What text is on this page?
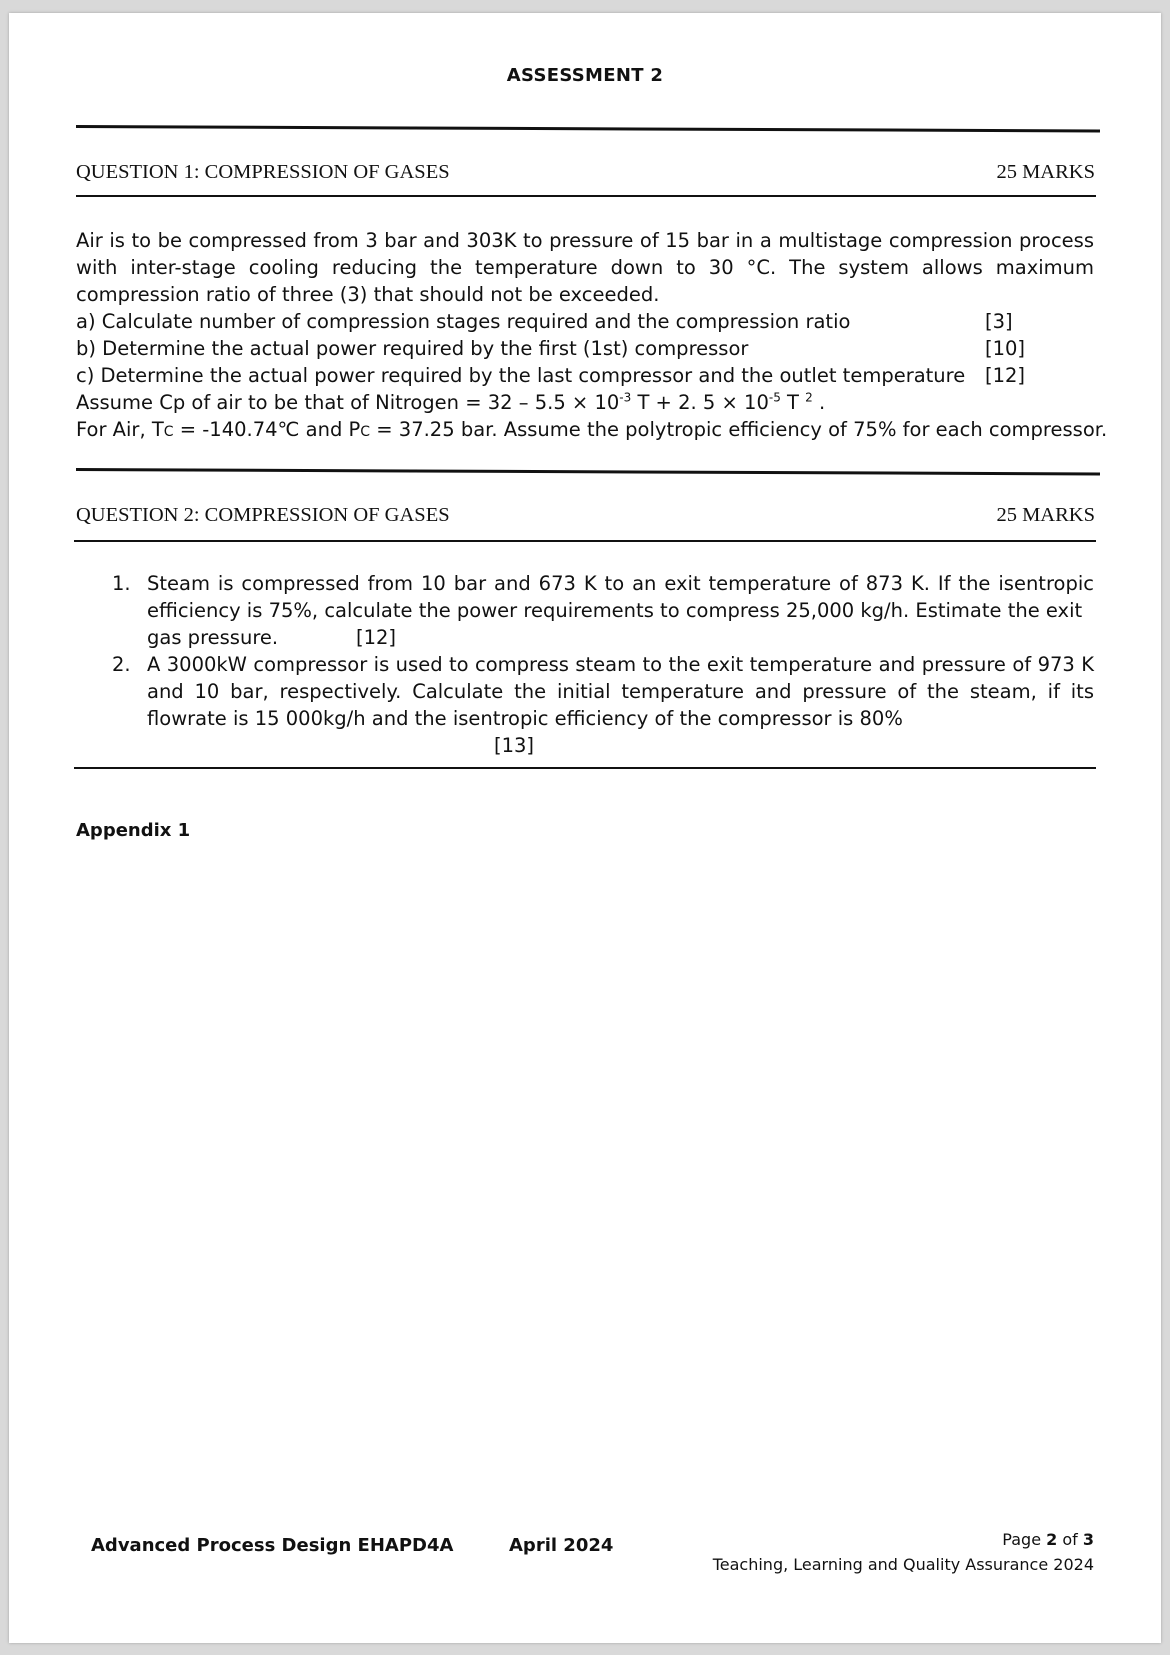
ASSESSMENT 2
QUESTION 1: COMPRESSION OF GASES	25 MARKS
Air is to be compressed from 3 bar and 303K to pressure of 15 bar in a multistage compression process with inter-stage cooling reducing the temperature down to 30 °C. The system allows maximum compression ratio of three (3) that should not be exceeded.
a) Calculate number of compression stages required and the compression ratio	[3]
b) Determine the actual power required by the first (1st) compressor	[10]
c) Determine the actual power required by the last compressor and the outlet temperature [12]
Assume Cp of air to be that of Nitrogen = $32 - 5.5 \times 10^{-3}$ T + 2. $5 \times 10^{-5}$ T $^2$ .
For Air, TC = -140.74℃ and PC = 37.25 bar. Assume the polytropic efficiency of 75% for each compressor.
QUESTION 2: COMPRESSION OF GASES	25 MARKS
1. Steam is compressed from 10 bar and 673 K to an exit temperature of 873 K. If the isentropic efficiency is 75%, calculate the power requirements to compress 25,000 kg/h. Estimate the exit
gas pressure.	[12]
2. A 3000kW compressor is used to compress steam to the exit temperature and pressure of 973 K and 10 bar, respectively. Calculate the initial temperature and pressure of the steam, if its flowrate is 15 000kg/h and the isentropic efficiency of the compressor is 80%
[13]
Appendix 1
Advanced Process Design EHAPD4A	April 2024	Page 2 of 3
Teaching, Learning and Quality Assurance 2024
